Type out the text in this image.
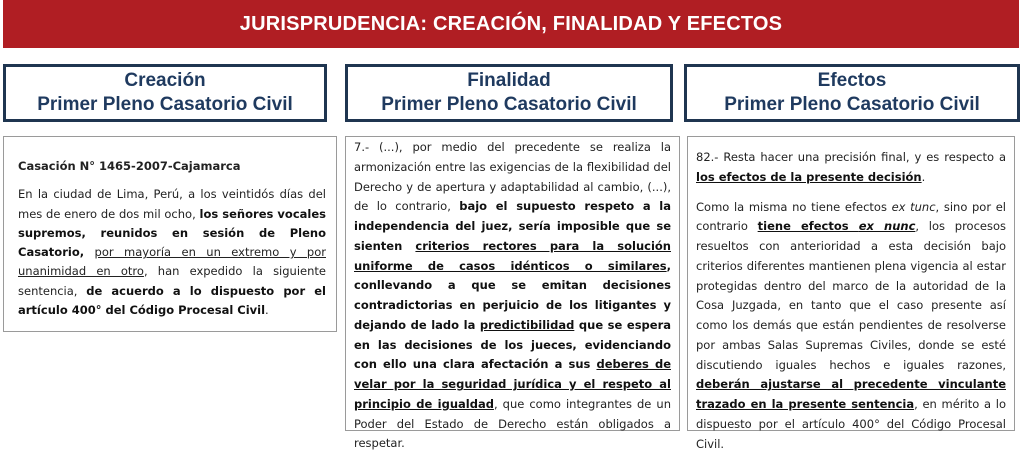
JURISPRUDENCIA: CREACIÓN, FINALIDAD Y EFECTOS
Creación
Primer Pleno Casatorio Civil
Finalidad
Primer Pleno Casatorio Civil
Efectos
Primer Pleno Casatorio Civil
Casación N° 1465-2007-Cajamarca

En la ciudad de Lima, Perú, a los veintidós días del mes de enero de dos mil ocho, los señores vocales supremos, reunidos en sesión de Pleno Casatorio, por mayoría en un extremo y por unanimidad en otro, han expedido la siguiente sentencia, de acuerdo a lo dispuesto por el artículo 400° del Código Procesal Civil.

7.- (...), por medio del precedente se realiza la armonización entre las exigencias de la flexibilidad del Derecho y de apertura y adaptabilidad al cambio, (...), de lo contrario, bajo el supuesto respeto a la independencia del juez, sería imposible que se sienten criterios rectores para la solución uniforme de casos idénticos o similares, conllevando a que se emitan decisiones contradictorias en perjuicio de los litigantes y dejando de lado la predictibilidad que se espera en las decisiones de los jueces, evidenciando con ello una clara afectación a sus deberes de velar por la seguridad jurídica y el respeto al principio de igualdad, que como integrantes de un Poder del Estado de Derecho están obligados a respetar.

82.- Resta hacer una precisión final, y es respecto a los efectos de la presente decisión.

Como la misma no tiene efectos ex tunc, sino por el contrario tiene efectos ex nunc, los procesos resueltos con anterioridad a esta decisión bajo criterios diferentes mantienen plena vigencia al estar protegidas dentro del marco de la autoridad de la Cosa Juzgada, en tanto que el caso presente así como los demás que están pendientes de resolverse por ambas Salas Supremas Civiles, donde se esté discutiendo iguales hechos e iguales razones, deberán ajustarse al precedente vinculante trazado en la presente sentencia, en mérito a lo dispuesto por el artículo 400° del Código Procesal Civil.
